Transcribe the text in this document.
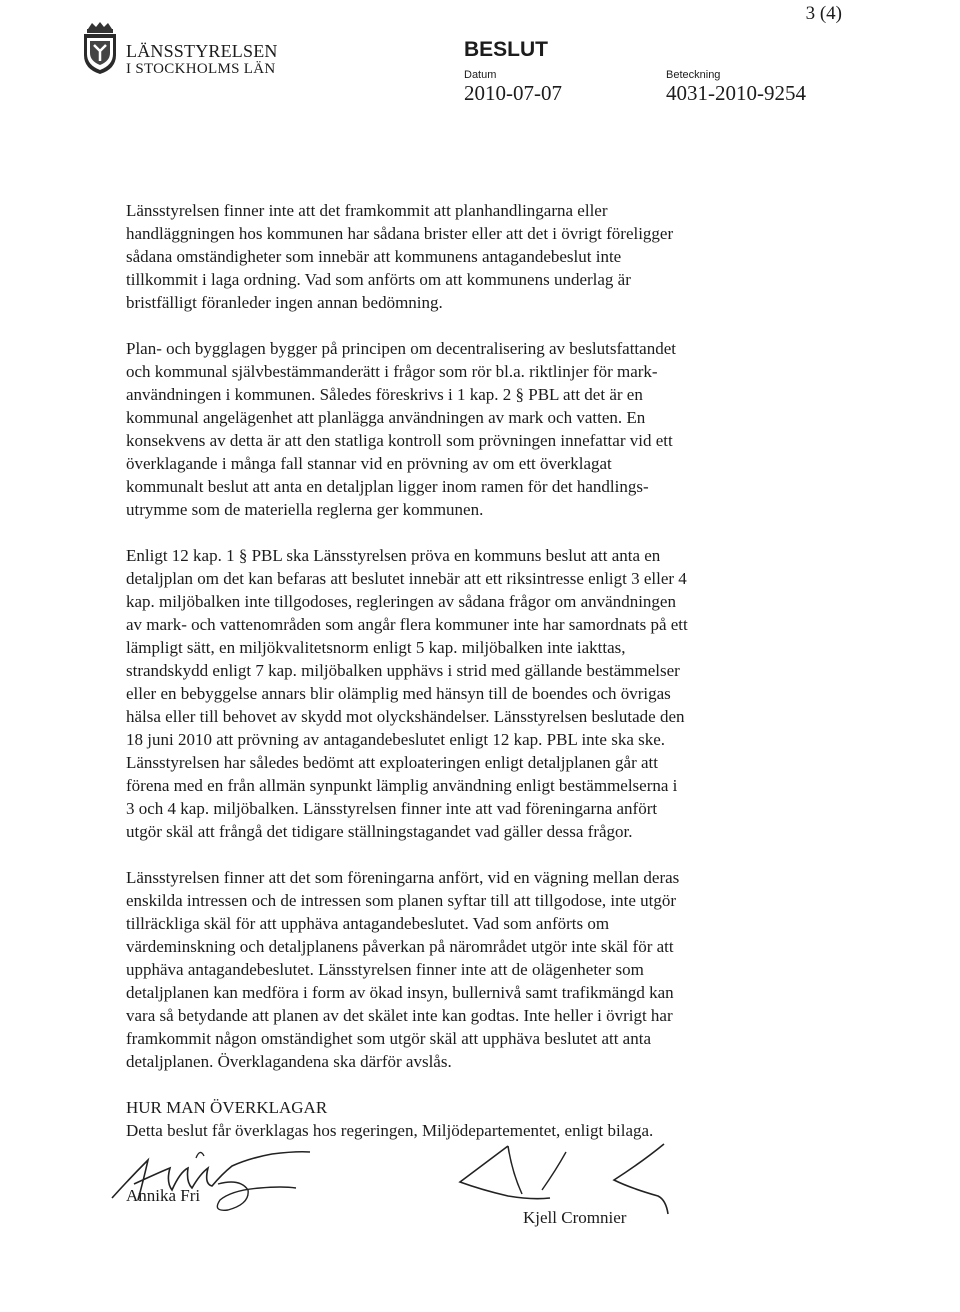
3 (4)
LÄNSSTYRELSEN
I STOCKHOLMS LÄN
BESLUT
Datum
2010-07-07
Beteckning
4031-2010-9254

Länsstyrelsen finner inte att det framkommit att planhandlingarna eller

handläggningen hos kommunen har sådana brister eller att det i övrigt föreligger

sådana omständigheter som innebär att kommunens antagandebeslut inte

tillkommit i laga ordning. Vad som anförts om att kommunens underlag är

bristfälligt föranleder ingen annan bedömning.

Plan- och bygglagen bygger på principen om decentralisering av beslutsfattandet

och kommunal självbestämmanderätt i frågor som rör bl.a. riktlinjer för mark-

användningen i kommunen. Således föreskrivs i 1 kap. 2 § PBL att det är en

kommunal angelägenhet att planlägga användningen av mark och vatten. En

konsekvens av detta är att den statliga kontroll som prövningen innefattar vid ett

överklagande i många fall stannar vid en prövning av om ett överklagat

kommunalt beslut att anta en detaljplan ligger inom ramen för det handlings-

utrymme som de materiella reglerna ger kommunen.

Enligt 12 kap. 1 § PBL ska Länsstyrelsen pröva en kommuns beslut att anta en

detaljplan om det kan befaras att beslutet innebär att ett riksintresse enligt 3 eller 4

kap. miljöbalken inte tillgodoses, regleringen av sådana frågor om användningen

av mark- och vattenområden som angår flera kommuner inte har samordnats på ett

lämpligt sätt, en miljökvalitetsnorm enligt 5 kap. miljöbalken inte iakttas,

strandskydd enligt 7 kap. miljöbalken upphävs i strid med gällande bestämmelser

eller en bebyggelse annars blir olämplig med hänsyn till de boendes och övrigas

hälsa eller till behovet av skydd mot olyckshändelser. Länsstyrelsen beslutade den

18 juni 2010 att prövning av antagandebeslutet enligt 12 kap. PBL inte ska ske.

Länsstyrelsen har således bedömt att exploateringen enligt detaljplanen går att

förena med en från allmän synpunkt lämplig användning enligt bestämmelserna i

3 och 4 kap. miljöbalken. Länsstyrelsen finner inte att vad föreningarna anfört

utgör skäl att frångå det tidigare ställningstagandet vad gäller dessa frågor.

Länsstyrelsen finner att det som föreningarna anfört, vid en vägning mellan deras

enskilda intressen och de intressen som planen syftar till att tillgodose, inte utgör

tillräckliga skäl för att upphäva antagandebeslutet. Vad som anförts om

värdeminskning och detaljplanens påverkan på närområdet utgör inte skäl för att

upphäva antagandebeslutet. Länsstyrelsen finner inte att de olägenheter som

detaljplanen kan medföra i form av ökad insyn, bullernivå samt trafikmängd kan

vara så betydande att planen av det skälet inte kan godtas. Inte heller i övrigt har

framkommit någon omständighet som utgör skäl att upphäva beslutet att anta

detaljplanen. Överklagandena ska därför avslås.

HUR MAN ÖVERKLAGAR

Detta beslut får överklagas hos regeringen, Miljödepartementet, enligt bilaga.

Annika Fri
Kjell Cromnier
